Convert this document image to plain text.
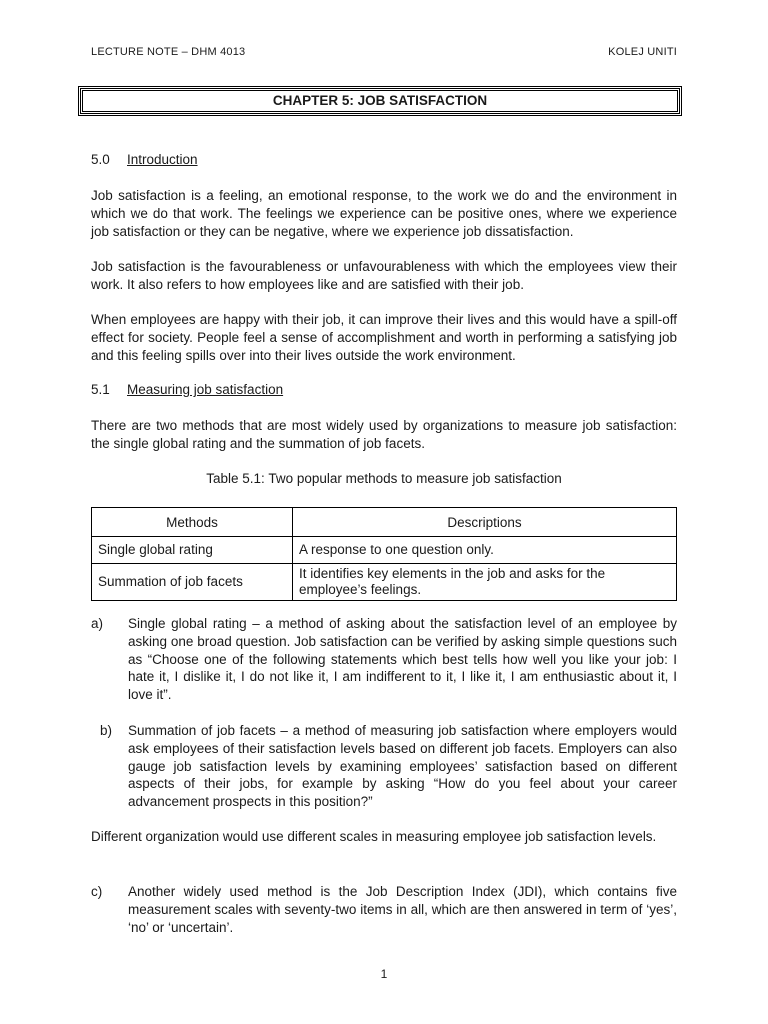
LECTURE NOTE – DHM 4013	KOLEJ UNITI
CHAPTER 5: JOB SATISFACTION
5.0 Introduction

Job satisfaction is a feeling, an emotional response, to the work we do and the environment in which we do that work. The feelings we experience can be positive ones, where we experience job satisfaction or they can be negative, where we experience job dissatisfaction.

Job satisfaction is the favourableness or unfavourableness with which the employees view their work. It also refers to how employees like and are satisfied with their job.

When employees are happy with their job, it can improve their lives and this would have a spill-off effect for society. People feel a sense of accomplishment and worth in performing a satisfying job and this feeling spills over into their lives outside the work environment.

5.1 Measuring job satisfaction

There are two methods that are most widely used by organizations to measure job satisfaction: the single global rating and the summation of job facets.

Table 5.1: Two popular methods to measure job satisfaction
Methods	Descriptions
Single global rating	A response to one question only.
Summation of job facets	It identifies key elements in the job and asks for the employee’s feelings.
a) Single global rating – a method of asking about the satisfaction level of an employee by asking one broad question. Job satisfaction can be verified by asking simple questions such as “Choose one of the following statements which best tells how well you like your job: I hate it, I dislike it, I do not like it, I am indifferent to it, I like it, I am enthusiastic about it, I love it”.
b) Summation of job facets – a method of measuring job satisfaction where employers would ask employees of their satisfaction levels based on different job facets. Employers can also gauge job satisfaction levels by examining employees’ satisfaction based on different aspects of their jobs, for example by asking “How do you feel about your career advancement prospects in this position?”

Different organization would use different scales in measuring employee job satisfaction levels.

c) Another widely used method is the Job Description Index (JDI), which contains five measurement scales with seventy-two items in all, which are then answered in term of ‘yes’, ‘no’ or ‘uncertain’.
1
